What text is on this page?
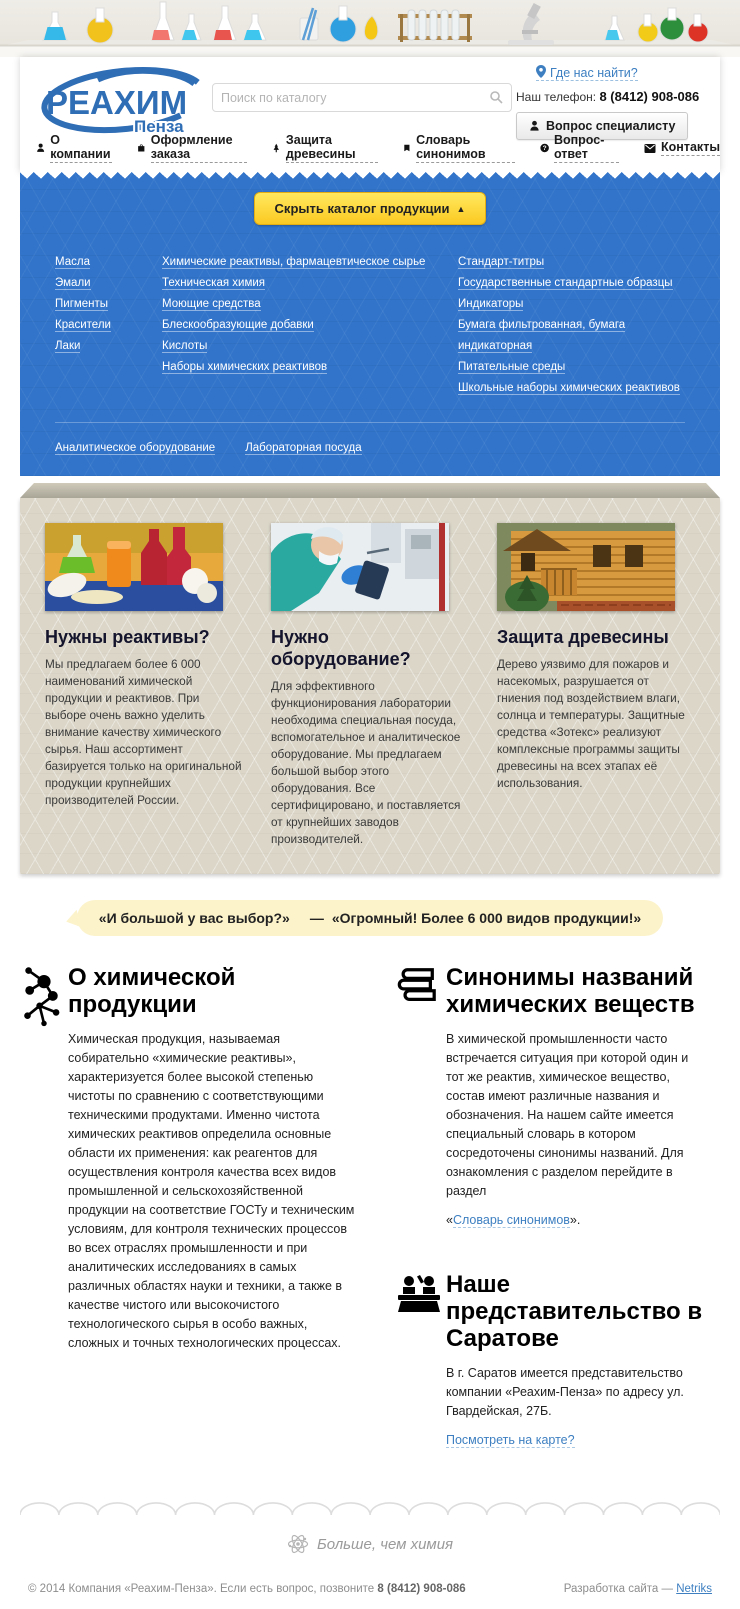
РЕАХИМ
Пенза
Поиск по каталогу
Где нас найти?
Наш телефон: 8 (8412) 908-086
Вопрос специалисту
О компании
Оформление заказа
Защита древесины
Словарь синонимов	?
Вопрос-ответ	Контакты
Скрыть каталог продукции ▲
Масла
Эмали
Пигменты
Красители
Лаки
Химические реактивы, фармацевтическое сырье
Техническая химия
Моющие средства
Блескообразующие добавки
Кислоты
Наборы химических реактивов
Стандарт-титры
Государственные стандартные образцы
Индикаторы
Бумага фильтрованная, бумага индикаторная
Питательные среды
Школьные наборы химических реактивов
Аналитическое оборудование	Лабораторная посуда
Нужны реактивы?

Мы предлагаем более 6 000 наименований химической продукции и реактивов. При выборе очень важно уделить внимание качеству химического сырья. Наш ассортимент базируется только на оригинальной продукции крупнейших производителей России.

Нужно оборудование?

Для эффективного функционирования лаборатории необходима специальная посуда, вспомогательное и аналитическое оборудование. Мы предлагаем большой выбор этого оборудования. Все сертифицировано, и поставляется от крупнейших заводов производителей.

Защита древесины

Дерево уязвимо для пожаров и насекомых, разрушается от гниения под воздействием влаги, солнца и температуры. Защитные средства «Зотекс» реализуют комплексные программы защиты древесины на всех этапах её использования.

«И большой у вас выбор?» — «Огромный! Более 6 000 видов продукции!»
О химической продукции

Химическая продукция, называемая собирательно «химические реактивы», характеризуется более высокой степенью чистоты по сравнению с соответствующими техническими продуктами. Именно чистота химических реактивов определила основные области их применения: как реагентов для осуществления контроля качества всех видов промышленной и сельскохозяйственной продукции на соответствие ГОСТу и техническим условиям, для контроля технических процессов во всех отраслях промышленности и при аналитических исследованиях в самых различных областях науки и техники, а также в качестве чистого или высокочистого технологического сырья в особо важных, сложных и точных технологических процессах.

Синонимы названий химических веществ

В химической промышленности часто встречается ситуация при которой один и тот же реактив, химическое вещество, состав имеют различные названия и обозначения. На нашем сайте имеется специальный словарь в котором сосредоточены синонимы названий. Для ознакомления с разделом перейдите в раздел

«Словарь синонимов».
Наше представительство в Саратове

В г. Саратов имеется представительство компании «Реахим-Пенза» по адресу ул. Гвардейская, 27Б.

Посмотреть на карте?
Больше, чем химия
© 2014 Компания «Реахим-Пенза». Если есть вопрос, позвоните 8 (8412) 908-086	Разработка сайта — Netriks
